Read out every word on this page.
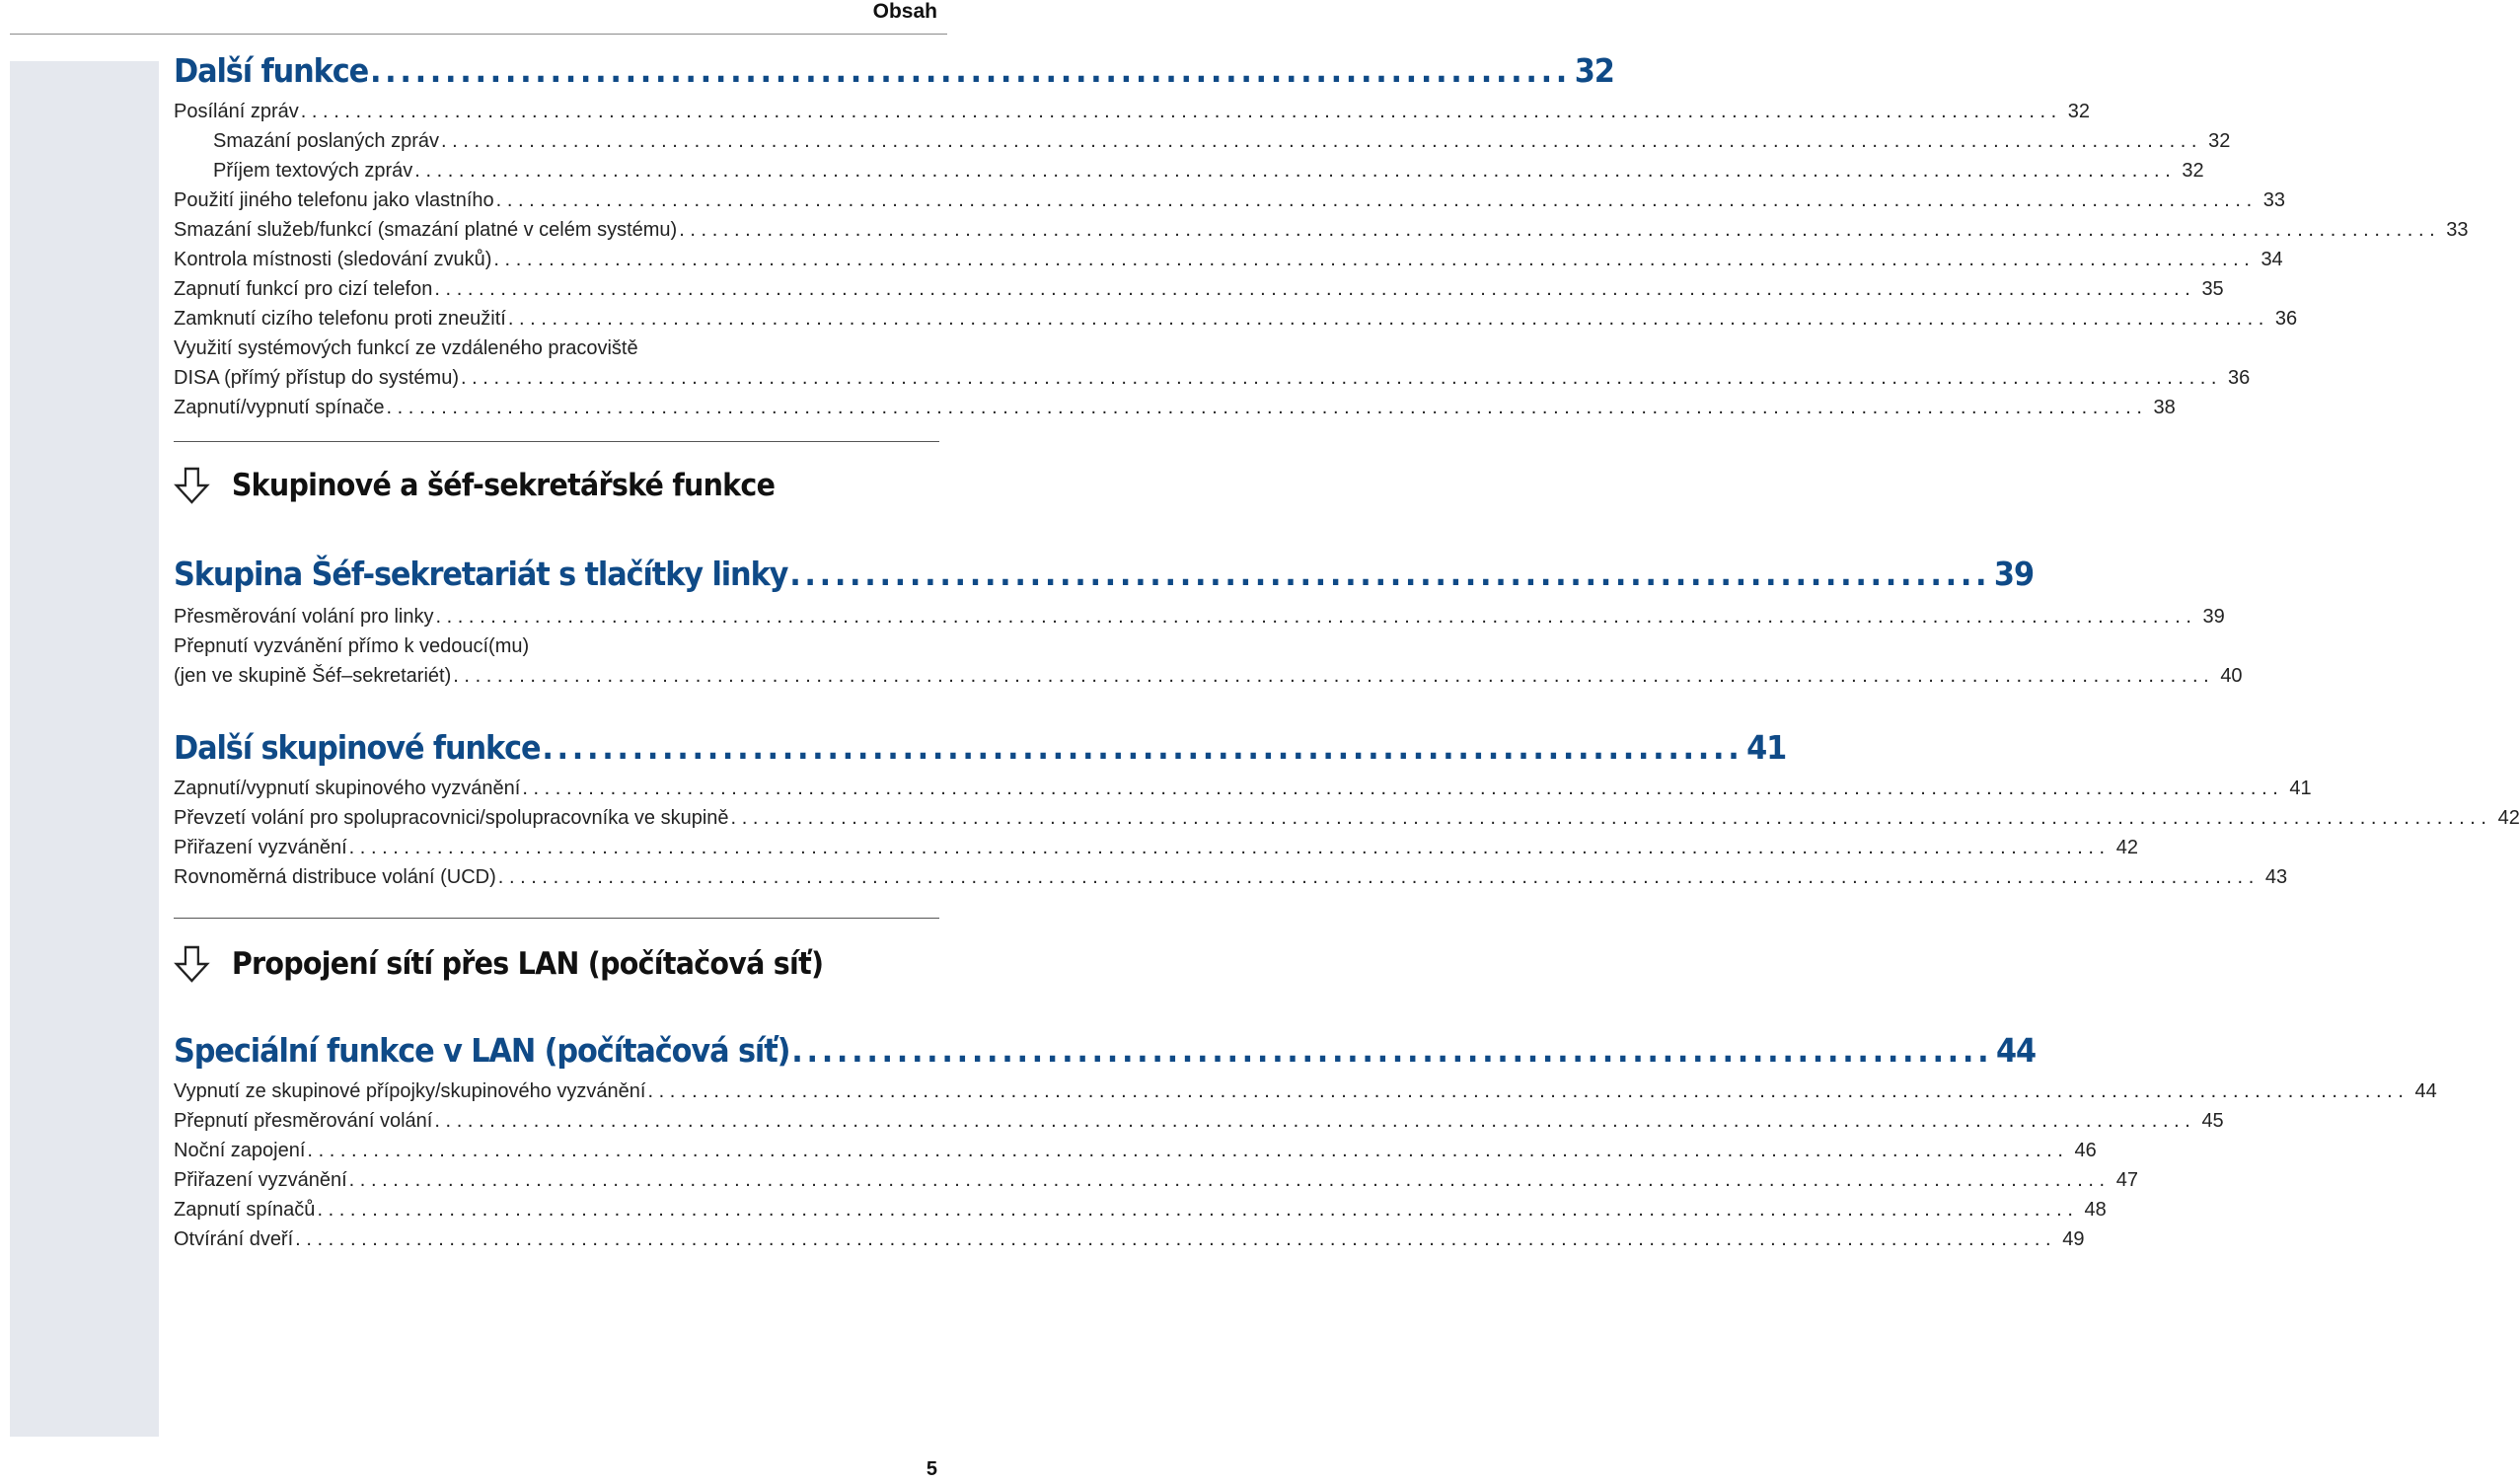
Obsah
Další funkce ................................................................................ 32
Posílání zpráv ................................................................................................................................................................ 32
Smazání poslaných zpráv ................................................................................................................................................................ 32
Příjem textových zpráv ................................................................................................................................................................ 32
Použití jiného telefonu jako vlastního ................................................................................................................................................................ 33
Smazání služeb/funkcí (smazání platné v celém systému) ................................................................................................................................................................ 33
Kontrola místnosti (sledování zvuků) ................................................................................................................................................................ 34
Zapnutí funkcí pro cizí telefon ................................................................................................................................................................ 35
Zamknutí cizího telefonu proti zneužití ................................................................................................................................................................ 36
Využití systémových funkcí ze vzdáleného pracoviště
DISA (přímý přístup do systému) ................................................................................................................................................................ 36
Zapnutí/vypnutí spínače ................................................................................................................................................................ 38
Skupina Šéf-sekretariát s tlačítky linky ................................................................................ 39
Přesměrování volání pro linky ................................................................................................................................................................ 39
Přepnutí vyzvánění přímo k vedoucí(mu)
(jen ve skupině Šéf–sekretariét) ................................................................................................................................................................ 40
Další skupinové funkce ................................................................................ 41
Zapnutí/vypnutí skupinového vyzvánění ................................................................................................................................................................ 41
Převzetí volání pro spolupracovnici/spolupracovníka ve skupině ................................................................................................................................................................ 42
Přiřazení vyzvánění ................................................................................................................................................................ 42
Rovnoměrná distribuce volání (UCD) ................................................................................................................................................................ 43
Speciální funkce v LAN (počítačová síť) ................................................................................ 44
Vypnutí ze skupinové přípojky/skupinového vyzvánění ................................................................................................................................................................ 44
Přepnutí přesměrování volání ................................................................................................................................................................ 45
Noční zapojení ................................................................................................................................................................ 46
Přiřazení vyzvánění ................................................................................................................................................................ 47
Zapnutí spínačů ................................................................................................................................................................ 48
Otvírání dveří ................................................................................................................................................................ 49
5
Skupinové a šéf-sekretářské funkce
Propojení sítí přes LAN (počítačová síť)
